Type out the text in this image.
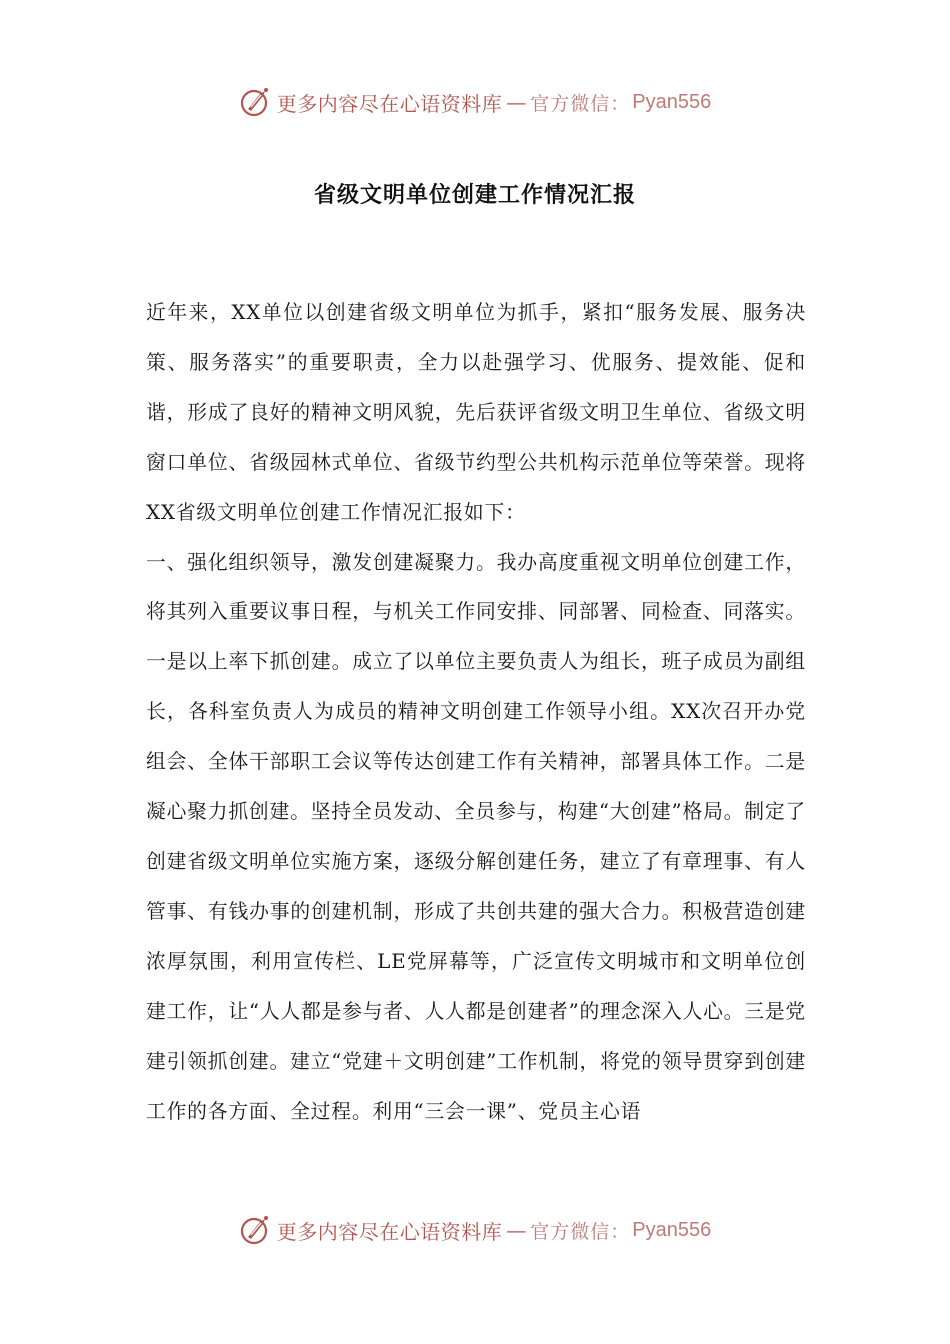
更多内容尽在心语资料库 — 官方微信： Pyan556
省级文明单位创建工作情况汇报

近年来，XX单位以创建省级文明单位为抓手，紧扣“服务发展、服务决策、服务落实”的重要职责，全力以赴强学习、优服务、提效能、促和谐，形成了良好的精神文明风貌，先后获评省级文明卫生单位、省级文明窗口单位、省级园林式单位、省级节约型公共机构示范单位等荣誉。现将XX省级文明单位创建工作情况汇报如下：

一、强化组织领导，激发创建凝聚力。我办高度重视文明单位创建工作，将其列入重要议事日程，与机关工作同安排、同部署、同检查、同落实。一是以上率下抓创建。成立了以单位主要负责人为组长，班子成员为副组长，各科室负责人为成员的精神文明创建工作领导小组。XX次召开办党组会、全体干部职工会议等传达创建工作有关精神，部署具体工作。二是凝心聚力抓创建。坚持全员发动、全员参与，构建“大创建”格局。制定了创建省级文明单位实施方案，逐级分解创建任务，建立了有章理事、有人管事、有钱办事的创建机制，形成了共创共建的强大合力。积极营造创建浓厚氛围，利用宣传栏、LE党屏幕等，广泛宣传文明城市和文明单位创建工作，让“人人都是参与者、人人都是创建者”的理念深入人心。三是党建引领抓创建。建立“党建＋文明创建”工作机制，将党的领导贯穿到创建工作的各方面、全过程。利用“三会一课”、党员主心语

更多内容尽在心语资料库 — 官方微信： Pyan556
